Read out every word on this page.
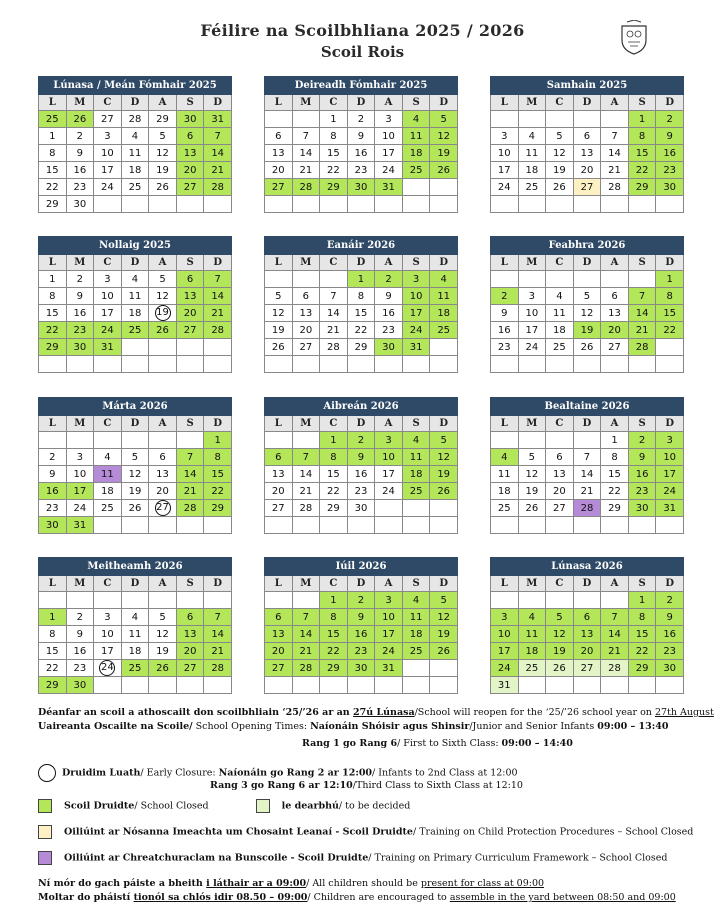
Féilire na Scoilbhliana 2025 / 2026
Scoil Rois
Lúnasa / Meán Fómhair 2025						
L	M	C	D	A	S	D
25	26	27	28	29	30	31
1	2	3	4	5	6	7
8	9	10	11	12	13	14
15	16	17	18	19	20	21
22	23	24	25	26	27	28
29	30					
Deireadh Fómhair 2025						
L	M	C	D	A	S	D
		1	2	3	4	5
6	7	8	9	10	11	12
13	14	15	16	17	18	19
20	21	22	23	24	25	26
27	28	29	30	31		

Samhain 2025						
L	M	C	D	A	S	D
					1	2
3	4	5	6	7	8	9
10	11	12	13	14	15	16
17	18	19	20	21	22	23
24	25	26	27	28	29	30

Nollaig 2025						
L	M	C	D	A	S	D
1	2	3	4	5	6	7
8	9	10	11	12	13	14
15	16	17	18	19	20	21
22	23	24	25	26	27	28
29	30	31				

Eanáir 2026						
L	M	C	D	A	S	D
			1	2	3	4
5	6	7	8	9	10	11
12	13	14	15	16	17	18
19	20	21	22	23	24	25
26	27	28	29	30	31	

Feabhra 2026						
L	M	C	D	A	S	D
						1
2	3	4	5	6	7	8
9	10	11	12	13	14	15
16	17	18	19	20	21	22
23	24	25	26	27	28	

Márta 2026						
L	M	C	D	A	S	D
						1
2	3	4	5	6	7	8
9	10	11	12	13	14	15
16	17	18	19	20	21	22
23	24	25	26	27	28	29
30	31					
Aibreán 2026						
L	M	C	D	A	S	D
		1	2	3	4	5
6	7	8	9	10	11	12
13	14	15	16	17	18	19
20	21	22	23	24	25	26
27	28	29	30			

Bealtaine 2026						
L	M	C	D	A	S	D
				1	2	3
4	5	6	7	8	9	10
11	12	13	14	15	16	17
18	19	20	21	22	23	24
25	26	27	28	29	30	31

Meitheamh 2026						
L	M	C	D	A	S	D

1	2	3	4	5	6	7
8	9	10	11	12	13	14
15	16	17	18	19	20	21
22	23	24	25	26	27	28
29	30					
Iúil 2026						
L	M	C	D	A	S	D
		1	2	3	4	5
6	7	8	9	10	11	12
13	14	15	16	17	18	19
20	21	22	23	24	25	26
27	28	29	30	31		

Lúnasa 2026						
L	M	C	D	A	S	D
					1	2
3	4	5	6	7	8	9
10	11	12	13	14	15	16
17	18	19	20	21	22	23
24	25	26	27	28	29	30
31						
Déanfar an scoil a athoscailt don scoilbhliain ‘25/’26 ar an 27ú Lúnasa/School will reopen for the ‘25/’26 school year on 27th August
Uaireanta Oscailte na Scoile/ School Opening Times: Naíonáin Shóisir agus Shinsir/Junior and Senior Infants 09:00 – 13:40
Rang 1 go Rang 6/ First to Sixth Class: 09:00 – 14:40
Druidim Luath/ Early Closure: Naíonáin go Rang 2 ar 12:00/ Infants to 2nd Class at 12:00
Rang 3 go Rang 6 ar 12:10/Third Class to Sixth Class at 12:10
Scoil Druidte/ School Closed	le dearbhú/ to be decided
Oiliúint ar Nósanna Imeachta um Chosaint Leanaí - Scoil Druidte/ Training on Child Protection Procedures – School Closed
Oiliúint ar Chreatchuraclam na Bunscoile - Scoil Druidte/ Training on Primary Curriculum Framework – School Closed
Ní mór do gach páiste a bheith i láthair ar a 09:00/ All children should be present for class at 09:00
Moltar do pháistí tionól sa chlós idir 08.50 – 09:00/ Children are encouraged to assemble in the yard between 08:50 and 09:00
